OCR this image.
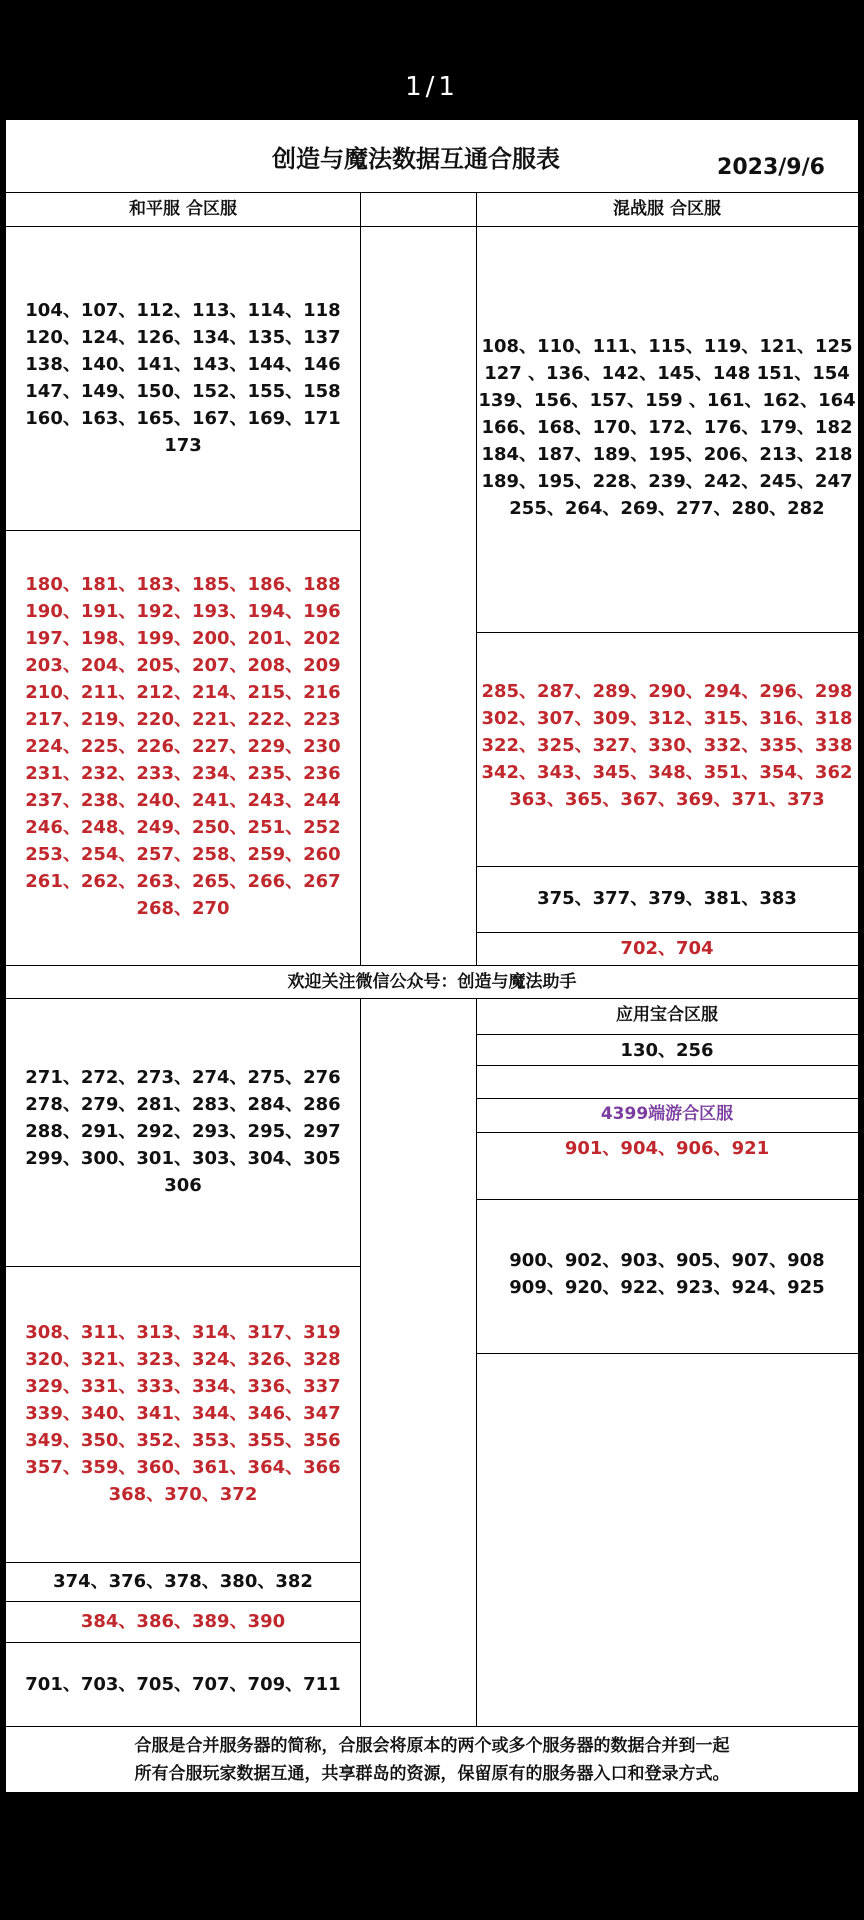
1/1
创造与魔法数据互通合服表	2023/9/6
和平服 合区服	混战服 合区服
104、107、112、113、114、118
120、124、126、134、135、137
138、140、141、143、144、146
147、149、150、152、155、158
160、163、165、167、169、171
173
180、181、183、185、186、188
190、191、192、193、194、196
197、198、199、200、201、202
203、204、205、207、208、209
210、211、212、214、215、216
217、219、220、221、222、223
224、225、226、227、229、230
231、232、233、234、235、236
237、238、240、241、243、244
246、248、249、250、251、252
253、254、257、258、259、260
261、262、263、265、266、267
268、270
108、110、111、115、119、121、125
127 、136、142、145、148 151、154
139、156、157、159 、161、162、164
166、168、170、172、176、179、182
184、187、189、195、206、213、218
189、195、228、239、242、245、247
255、264、269、277、280、282
285、287、289、290、294、296、298
302、307、309、312、315、316、318
322、325、327、330、332、335、338
342、343、345、348、351、354、362
363、365、367、369、371、373
375、377、379、381、383
702、704
欢迎关注微信公众号：创造与魔法助手
271、272、273、274、275、276
278、279、281、283、284、286
288、291、292、293、295、297
299、300、301、303、304、305
306
308、311、313、314、317、319
320、321、323、324、326、328
329、331、333、334、336、337
339、340、341、344、346、347
349、350、352、353、355、356
357、359、360、361、364、366
368、370、372
374、376、378、380、382
384、386、389、390
701、703、705、707、709、711
应用宝合区服
130、256
4399端游合区服
901、904、906、921
900、902、903、905、907、908
909、920、922、923、924、925
合服是合并服务器的简称，合服会将原本的两个或多个服务器的数据合并到一起
所有合服玩家数据互通，共享群岛的资源，保留原有的服务器入口和登录方式。
